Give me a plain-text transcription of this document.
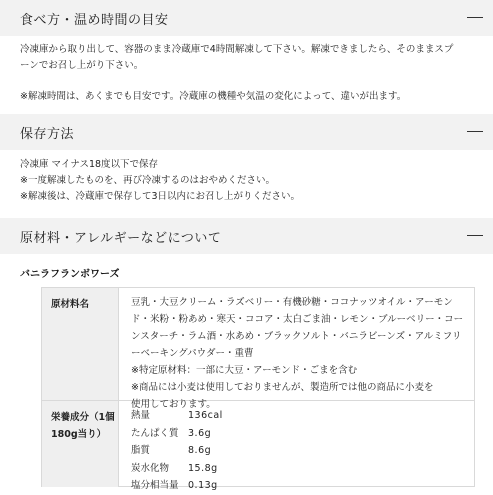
食べ方・温め時間の目安

冷凍庫から取り出して、容器のまま冷蔵庫で4時間解凍して下さい。解凍できましたら、そのままスプ

ーンでお召し上がり下さい。

※解凍時間は、あくまでも目安です。冷蔵庫の機種や気温の変化によって、違いが出ます。

保存方法

冷凍庫 マイナス18度以下で保存

※一度解凍したものを、再び冷凍するのはおやめください。

※解凍後は、冷蔵庫で保存して3日以内にお召し上がりください。

原材料・アレルギーなどについて
バニラフランボワーズ
原材料名	豆乳・大豆クリーム・ラズベリー・有機砂糖・ココナッツオイル・アーモン

ド・米粉・粉あめ・寒天・ココア・太白ごま油・レモン・ブルーベリー・コー

ンスターチ・ラム酒・水あめ・ブラックソルト・バニラビーンズ・アルミフリ

ーベーキングパウダー・重曹

※特定原材料：一部に大豆・アーモンド・ごまを含む

※商品には小麦は使用しておりませんが、製造所では他の商品に小麦を

使用しております。

栄養成分（1個
180g当り）
熱量	136cal
たんぱく質 3.6g
脂質	8.6g
炭水化物	15.8g
塩分相当量 0.13g
